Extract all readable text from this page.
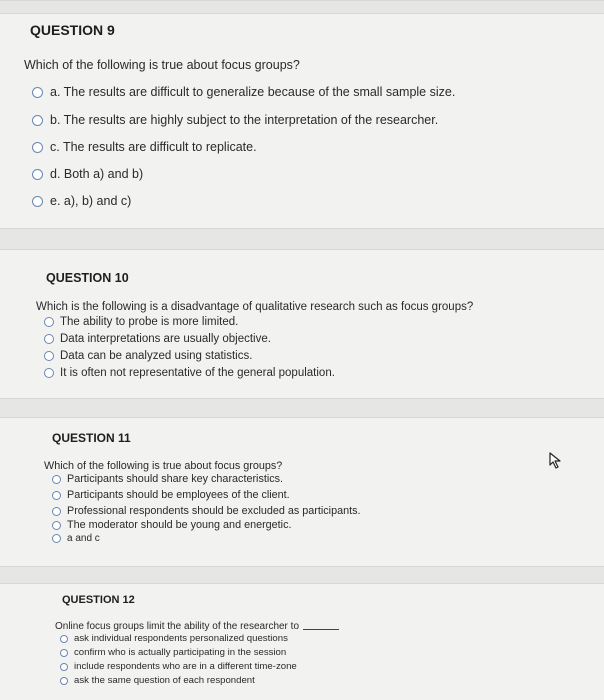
QUESTION 9
Which of the following is true about focus groups?
a. The results are difficult to generalize because of the small sample size.
b. The results are highly subject to the interpretation of the researcher.
c. The results are difficult to replicate.
d. Both a) and b)
e. a), b) and c)
QUESTION 10
Which is the following is a disadvantage of qualitative research such as focus groups?
The ability to probe is more limited.
Data interpretations are usually objective.
Data can be analyzed using statistics.
It is often not representative of the general population.
QUESTION 11
Which of the following is true about focus groups?
Participants should share key characteristics.
Participants should be employees of the client.
Professional respondents should be excluded as participants.
The moderator should be young and energetic.
a and c
QUESTION 12
Online focus groups limit the ability of the researcher to
ask individual respondents personalized questions
confirm who is actually participating in the session
include respondents who are in a different time-zone
ask the same question of each respondent
